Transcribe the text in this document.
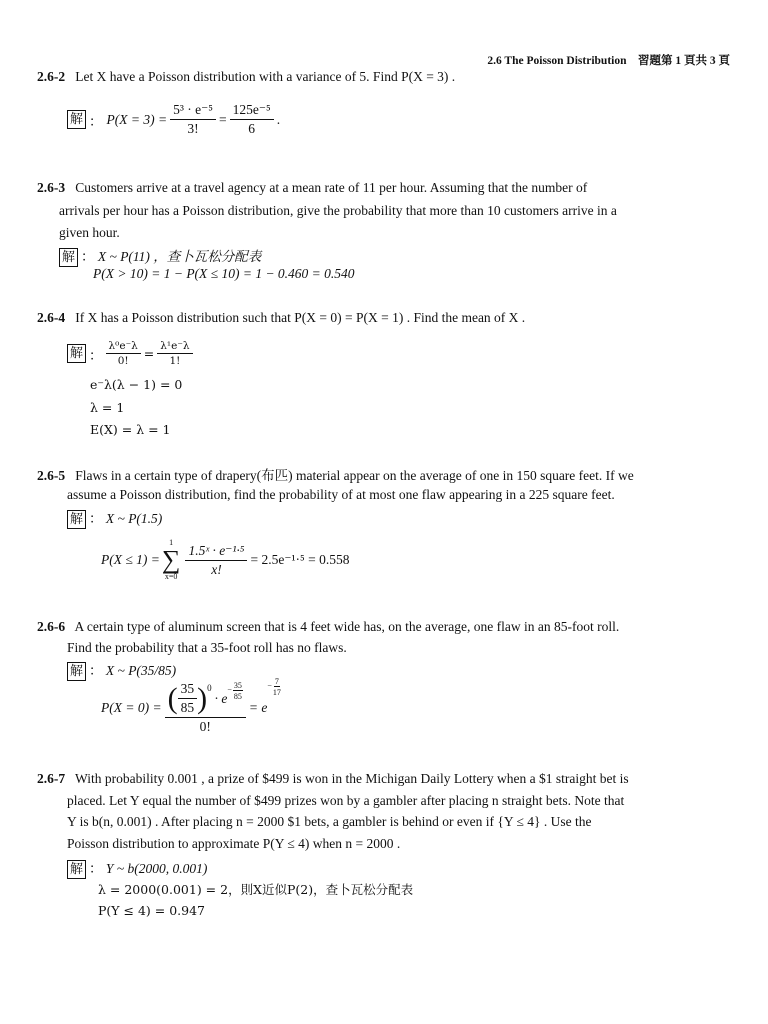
2.6 The Poisson Distribution　習題第 1 頁共 3 頁
2.6-2 Let X have a Poisson distribution with a variance of 5. Find P(X = 3) .
解 ： $P(X = 3) = \frac{\text{5³ · e⁻⁵}}{3!} = \frac{\text{125e⁻⁵}}{6}$ .
2.6-3 Customers arrive at a travel agency at a mean rate of 11 per hour. Assuming that the number of
arrivals per hour has a Poisson distribution, give the probability that more than 10 customers arrive in a
given hour.
解 ： X ~ P(11) ，查卜瓦松分配表
P(X > 10) = 1 − P(X ≤ 10) = 1 − 0.460 = 0.540
2.6-4 If X has a Poisson distribution such that P(X = 0) = P(X = 1) . Find the mean of X .
解 ： $\frac{\text{λ⁰e⁻λ}}{0!} = \frac{\text{λ¹e⁻λ}}{1!}$
e⁻λ(λ − 1) = 0
λ = 1
E(X) = λ = 1
2.6-5 Flaws in a certain type of drapery(布匹) material appear on the average of one in 150 square feet. If we
assume a Poisson distribution, find the probability of at most one flaw appearing in a 225 square feet.
解 ： X ~ P(1.5)
P(X ≤ 1) =
1
∑
$x=0 \frac{\text{1.5ˣ · e⁻¹·⁵}}{x!} = 2.5e^{-1}\cdot^5 = 0.558$
2.6-6 A certain type of aluminum screen that is 4 feet wide has, on the average, one flaw in an 85-foot roll.
Find the probability that a 35-foot roll has no flaws.
解 ： X ~ P(35/85)
P(X = 0) = ( $\frac{35}{85} )^0$
· e
− $\frac{35}{85}$
0!
= e
− $\frac{7}{17}$
2.6-7 With probability 0.001 , a prize of $499 is won in the Michigan Daily Lottery when a $1 straight bet is
placed. Let Y equal the number of $499 prizes won by a gambler after placing n straight bets. Note that
Y is b(n, 0.001) . After placing n = 2000 $1 bets, a gambler is behind or even if {Y ≤ 4} . Use the
Poisson distribution to approximate P(Y ≤ 4) when n = 2000 .
解 ： Y ~ b(2000, 0.001)
λ = 2000(0.001) = 2，則X近似P(2)，查卜瓦松分配表
P(Y ≤ 4) = 0.947
